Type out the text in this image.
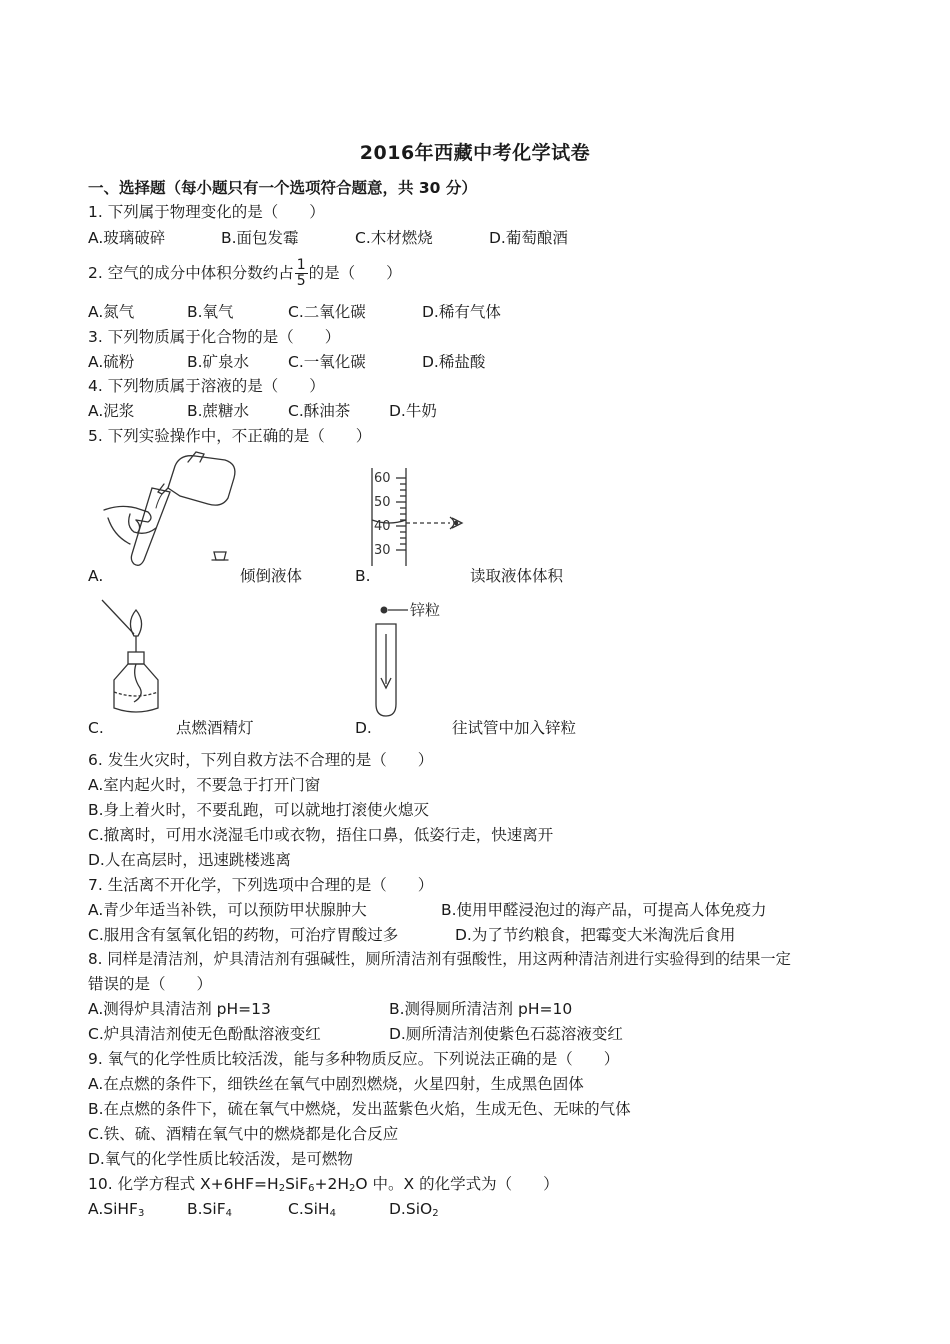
2016年西藏中考化学试卷
一、选择题（每小题只有一个选项符合题意，共 30 分）
1. 下列属于物理变化的是（　　）
A.玻璃破碎	B.面包发霉	C.木材燃烧	D.葡萄酿酒
2. 空气的成分中体积分数约占 $\frac{1}{5}$ 的是（　　）
A.氮气	B.氧气	C.二氧化碳	D.稀有气体
3. 下列物质属于化合物的是（　　）
A.硫粉	B.矿泉水	C.一氧化碳	D.稀盐酸
4. 下列物质属于溶液的是（　　）
A.泥浆	B.蔗糖水	C.酥油茶	D.牛奶
5. 下列实验操作中，不正确的是（　　）
A.	倾倒液体
60
50
40
30
B.	读取液体体积
C.	点燃酒精灯
锌粒
D.	往试管中加入锌粒
6. 发生火灾时，下列自救方法不合理的是（　　）
A.室内起火时，不要急于打开门窗
B.身上着火时，不要乱跑，可以就地打滚使火熄灭
C.撤离时，可用水浇湿毛巾或衣物，捂住口鼻，低姿行走，快速离开
D.人在高层时，迅速跳楼逃离
7. 生活离不开化学，下列选项中合理的是（　　）
A.青少年适当补铁，可以预防甲状腺肿大	B.使用甲醛浸泡过的海产品，可提高人体免疫力
C.服用含有氢氧化铝的药物，可治疗胃酸过多	D.为了节约粮食，把霉变大米淘洗后食用
8. 同样是清洁剂，炉具清洁剂有强碱性，厕所清洁剂有强酸性，用这两种清洁剂进行实验得到的结果一定
错误的是（　　）
A.测得炉具清洁剂 pH=13	B.测得厕所清洁剂 pH=10
C.炉具清洁剂使无色酚酞溶液变红	D.厕所清洁剂使紫色石蕊溶液变红
9. 氧气的化学性质比较活泼，能与多种物质反应。下列说法正确的是（　　）
A.在点燃的条件下，细铁丝在氧气中剧烈燃烧，火星四射，生成黑色固体
B.在点燃的条件下，硫在氧气中燃烧，发出蓝紫色火焰，生成无色、无味的气体
C.铁、硫、酒精在氧气中的燃烧都是化合反应
D.氧气的化学性质比较活泼，是可燃物
10. 化学方程式 $X+6HF=H_2SiF_6+2H_2O$ 中。X 的化学式为（　　）
A.SiHF$_3$	B.SiF$_4$	C.SiH$_4$	D.SiO$_2$
